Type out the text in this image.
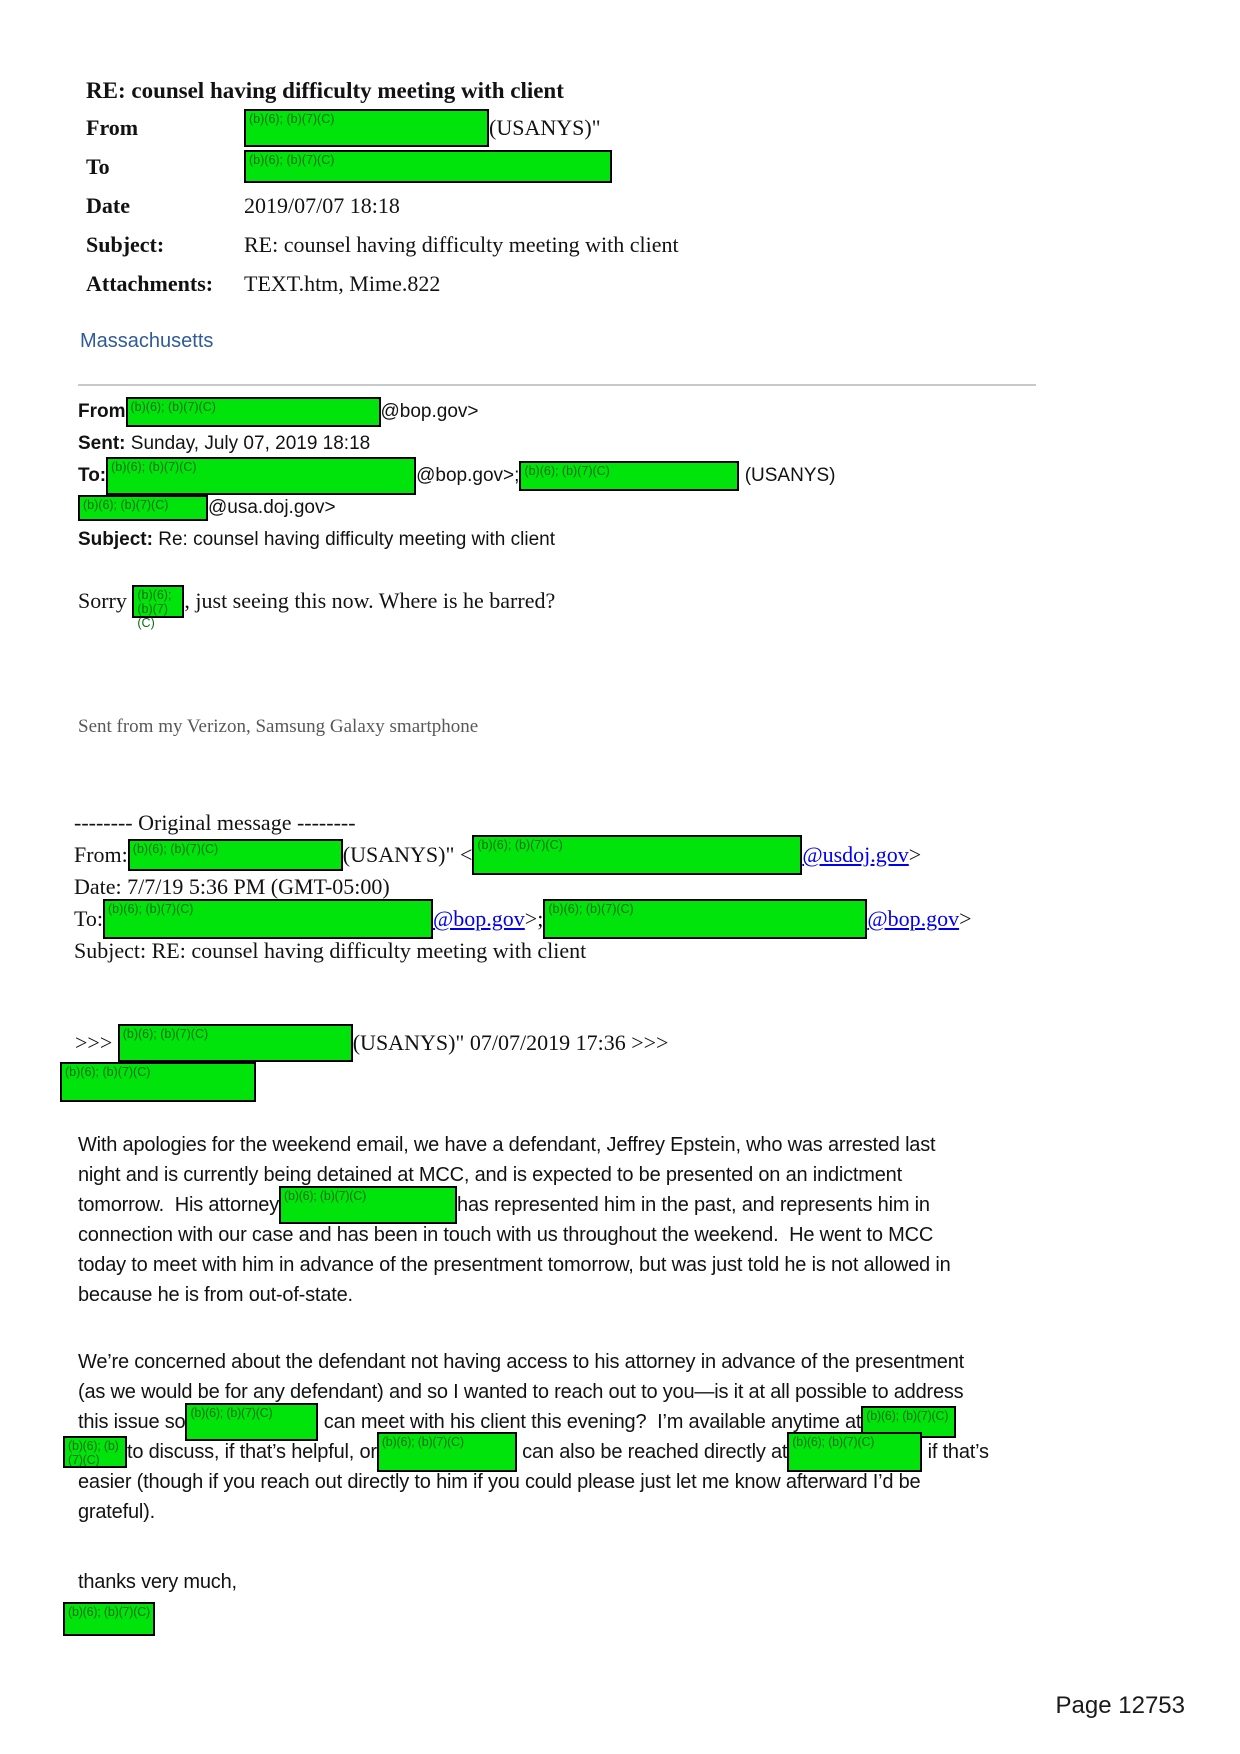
RE: counsel having difficulty meeting with client
From	(b)(6); (b)(7)(C)	(USANYS)"
To	(b)(6); (b)(7)(C)
Date	2019/07/07 18:18
Subject:	RE: counsel having difficulty meeting with client
Attachments:	TEXT.htm, Mime.822
Massachusetts
From (b)(6); (b)(7)(C)	@bop.gov>
Sent: Sunday, July 07, 2019 18:18
To: (b)(6); (b)(7)(C)	@bop.gov>; (b)(6); (b)(7)(C)	(USANYS)
(b)(6); (b)(7)(C)	@usa.doj.gov>
Subject: Re: counsel having difficulty meeting with client
Sorry (b)(6); (b)(7)(C)
, just seeing this now. Where is he barred?
Sent from my Verizon, Samsung Galaxy smartphone
-------- Original message --------
From: (b)(6); (b)(7)(C)	(USANYS)" < (b)(6); (b)(7)(C)	@usdoj.gov >
Date: 7/7/19 5:36 PM (GMT-05:00)
To: (b)(6); (b)(7)(C)	@bop.gov >; (b)(6); (b)(7)(C)	@bop.gov >
Subject: RE: counsel having difficulty meeting with client
>>> (b)(6); (b)(7)(C)	(USANYS)" 07/07/2019 17:36 >>>
(b)(6); (b)(7)(C)
With apologies for the weekend email, we have a defendant, Jeffrey Epstein, who was arrested last
night and is currently being detained at MCC, and is expected to be presented on an indictment
tomorrow.  His attorney (b)(6); (b)(7)(C)	has represented him in the past, and represents him in
connection with our case and has been in touch with us throughout the weekend.  He went to MCC
today to meet with him in advance of the presentment tomorrow, but was just told he is not allowed in
because he is from out-of-state.
We’re concerned about the defendant not having access to his attorney in advance of the presentment
(as we would be for any defendant) and so I wanted to reach out to you—is it at all possible to address
this issue so (b)(6); (b)(7)(C)	can meet with his client this evening?  I’m available anytime at (b)(6); (b)(7)(C)
(b)(6); (b)(7)(C)	to discuss, if that’s helpful, or (b)(6); (b)(7)(C)	can also be reached directly at (b)(6); (b)(7)(C)	if that’s
easier (though if you reach out directly to him if you could please just let me know afterward I’d be
grateful).
thanks very much,
(b)(6); (b)(7)(C)
Page 12753
